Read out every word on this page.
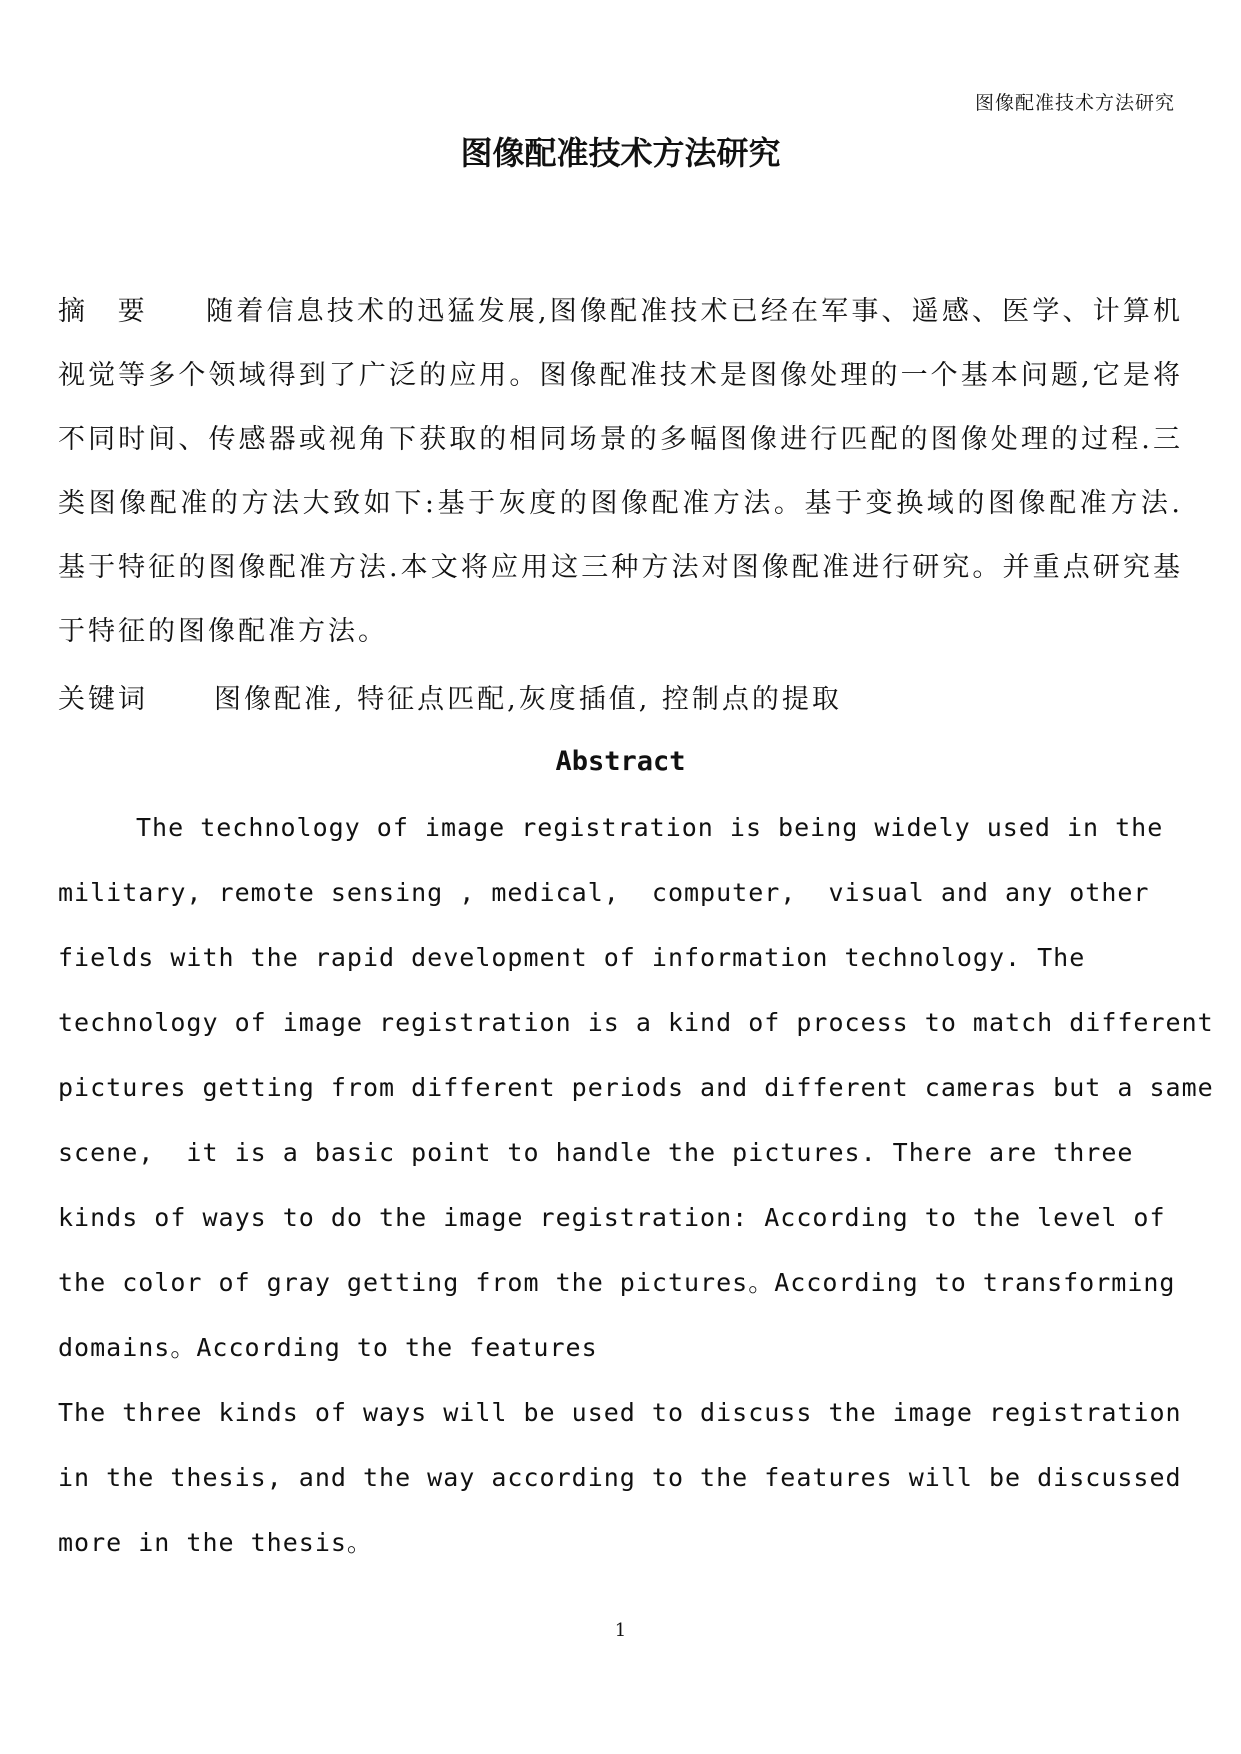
图像配准技术方法研究
图像配准技术方法研究
摘 要 随着信息技术的迅猛发展,图像配准技术已经在军事、遥感、医学、计算机视觉等多个领域得到了广泛的应用。图像配准技术是图像处理的一个基本问题,它是将不同时间、传感器或视角下获取的相同场景的多幅图像进行匹配的图像处理的过程.三类图像配准的方法大致如下:基于灰度的图像配准方法。基于变换域的图像配准方法.基于特征的图像配准方法.本文将应用这三种方法对图像配准进行研究。并重点研究基于特征的图像配准方法。
关键词 图像配准, 特征点匹配,灰度插值, 控制点的提取
Abstract
The technology of image registration is being widely used in the military, remote sensing , medical,  computer,  visual and any other fields with the rapid development of information technology. The technology of image registration is a kind of process to match different pictures getting from different periods and different cameras but a same scene,  it is a basic point to handle the pictures. There are three kinds of ways to do the image registration: According to the level of the color of gray getting from the pictures。According to transforming domains。According to the features
The three kinds of ways will be used to discuss the image registration in the thesis, and the way according to the features will be discussed more in the thesis。
1
